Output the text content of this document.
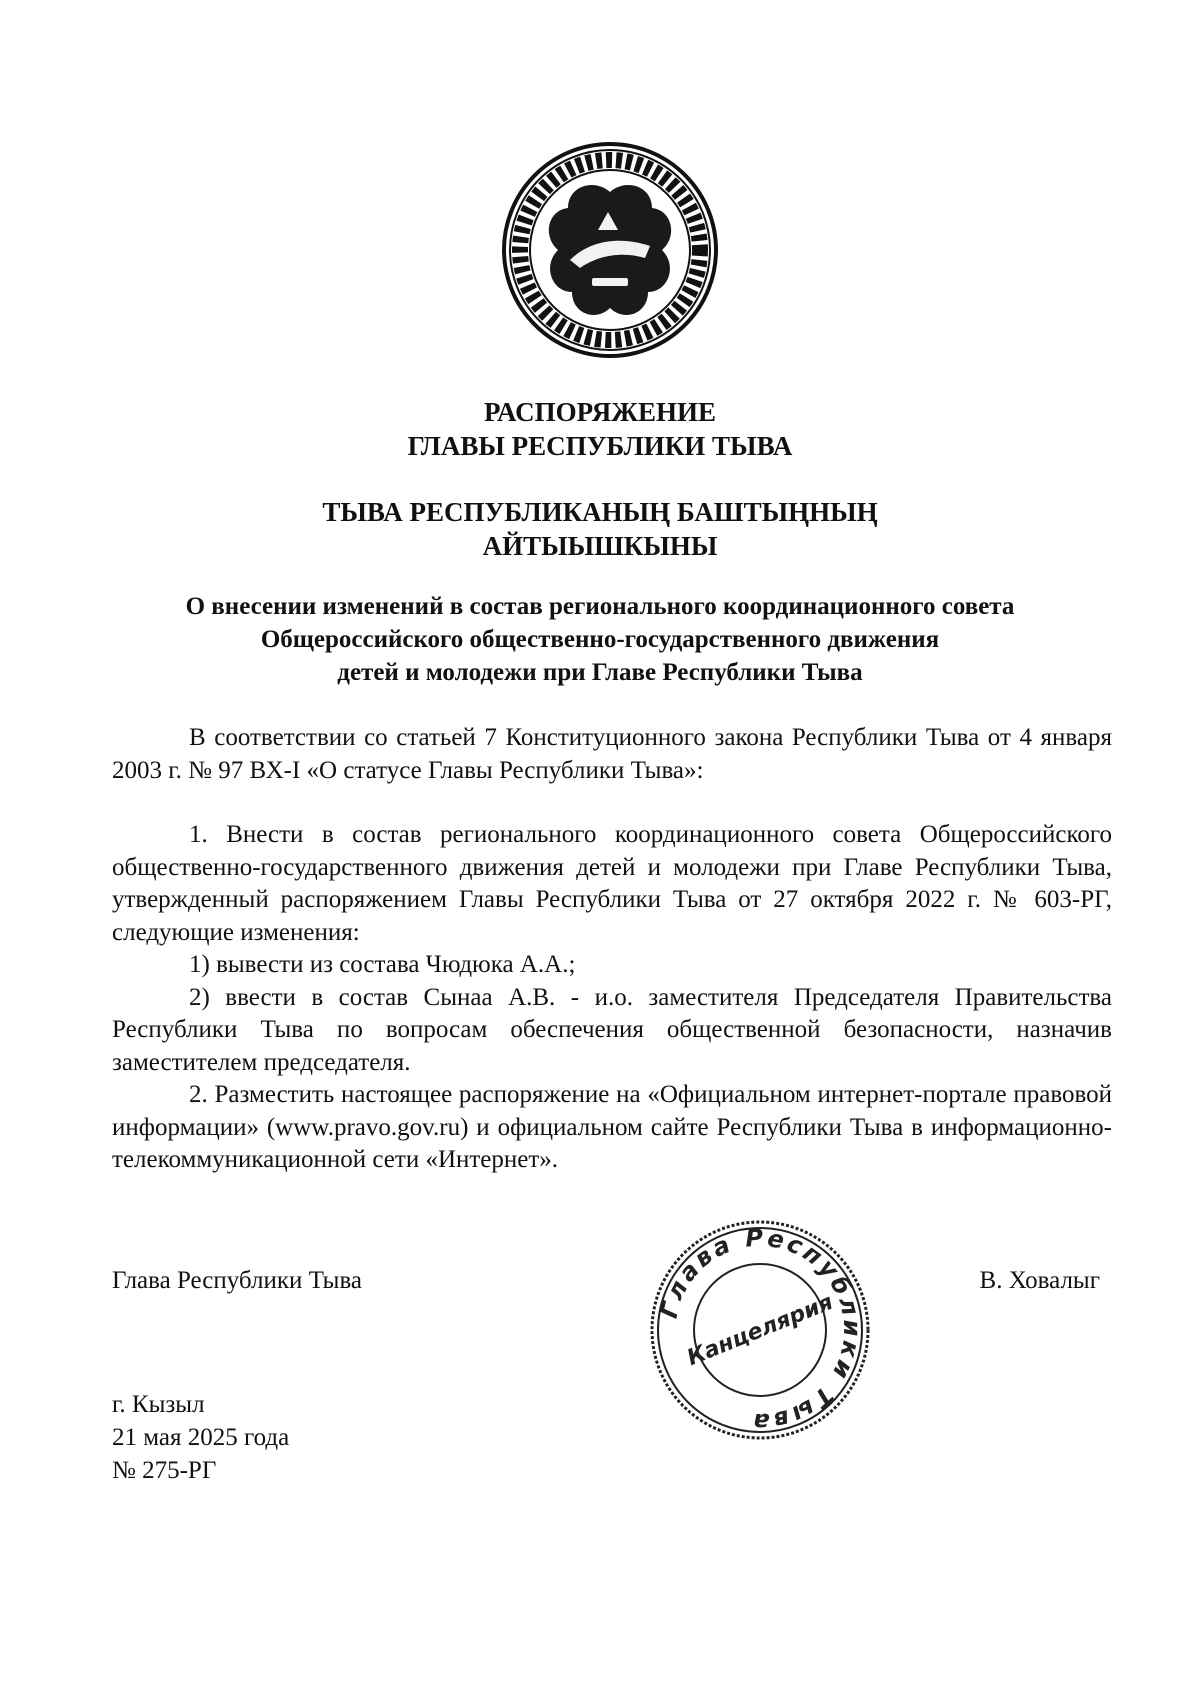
РАСПОРЯЖЕНИЕ
ГЛАВЫ РЕСПУБЛИКИ ТЫВА
ТЫВА РЕСПУБЛИКАНЫҢ БАШТЫҢНЫҢ
АЙТЫЫШКЫНЫ
О внесении изменений в состав регионального координационного совета
Общероссийского общественно-государственного движения
детей и молодежи при Главе Республики Тыва

В соответствии со статьей 7 Конституционного закона Республики Тыва от 4 января 2003 г. № 97 ВХ-I «О статусе Главы Республики Тыва»:

1. Внести в состав регионального координационного совета Общероссийского общественно-государственного движения детей и молодежи при Главе Республики Тыва, утвержденный распоряжением Главы Республики Тыва от 27 октября 2022 г. № 603-РГ, следующие изменения:

1) вывести из состава Чюдюка А.А.;

2) ввести в состав Сынаа А.В. - и.о. заместителя Председателя Правительства Республики Тыва по вопросам обеспечения общественной безопасности, назначив заместителем председателя.

2. Разместить настоящее распоряжение на «Официальном интернет-портале правовой информации» (www.pravo.gov.ru) и официальном сайте Республики Тыва в информационно-телекоммуникационной сети «Интернет».

Глава Республики Тыва	В. Ховалыг
Глава Республики Тыва
Канцелярия
г. Кызыл
21 мая 2025 года
№ 275-РГ
